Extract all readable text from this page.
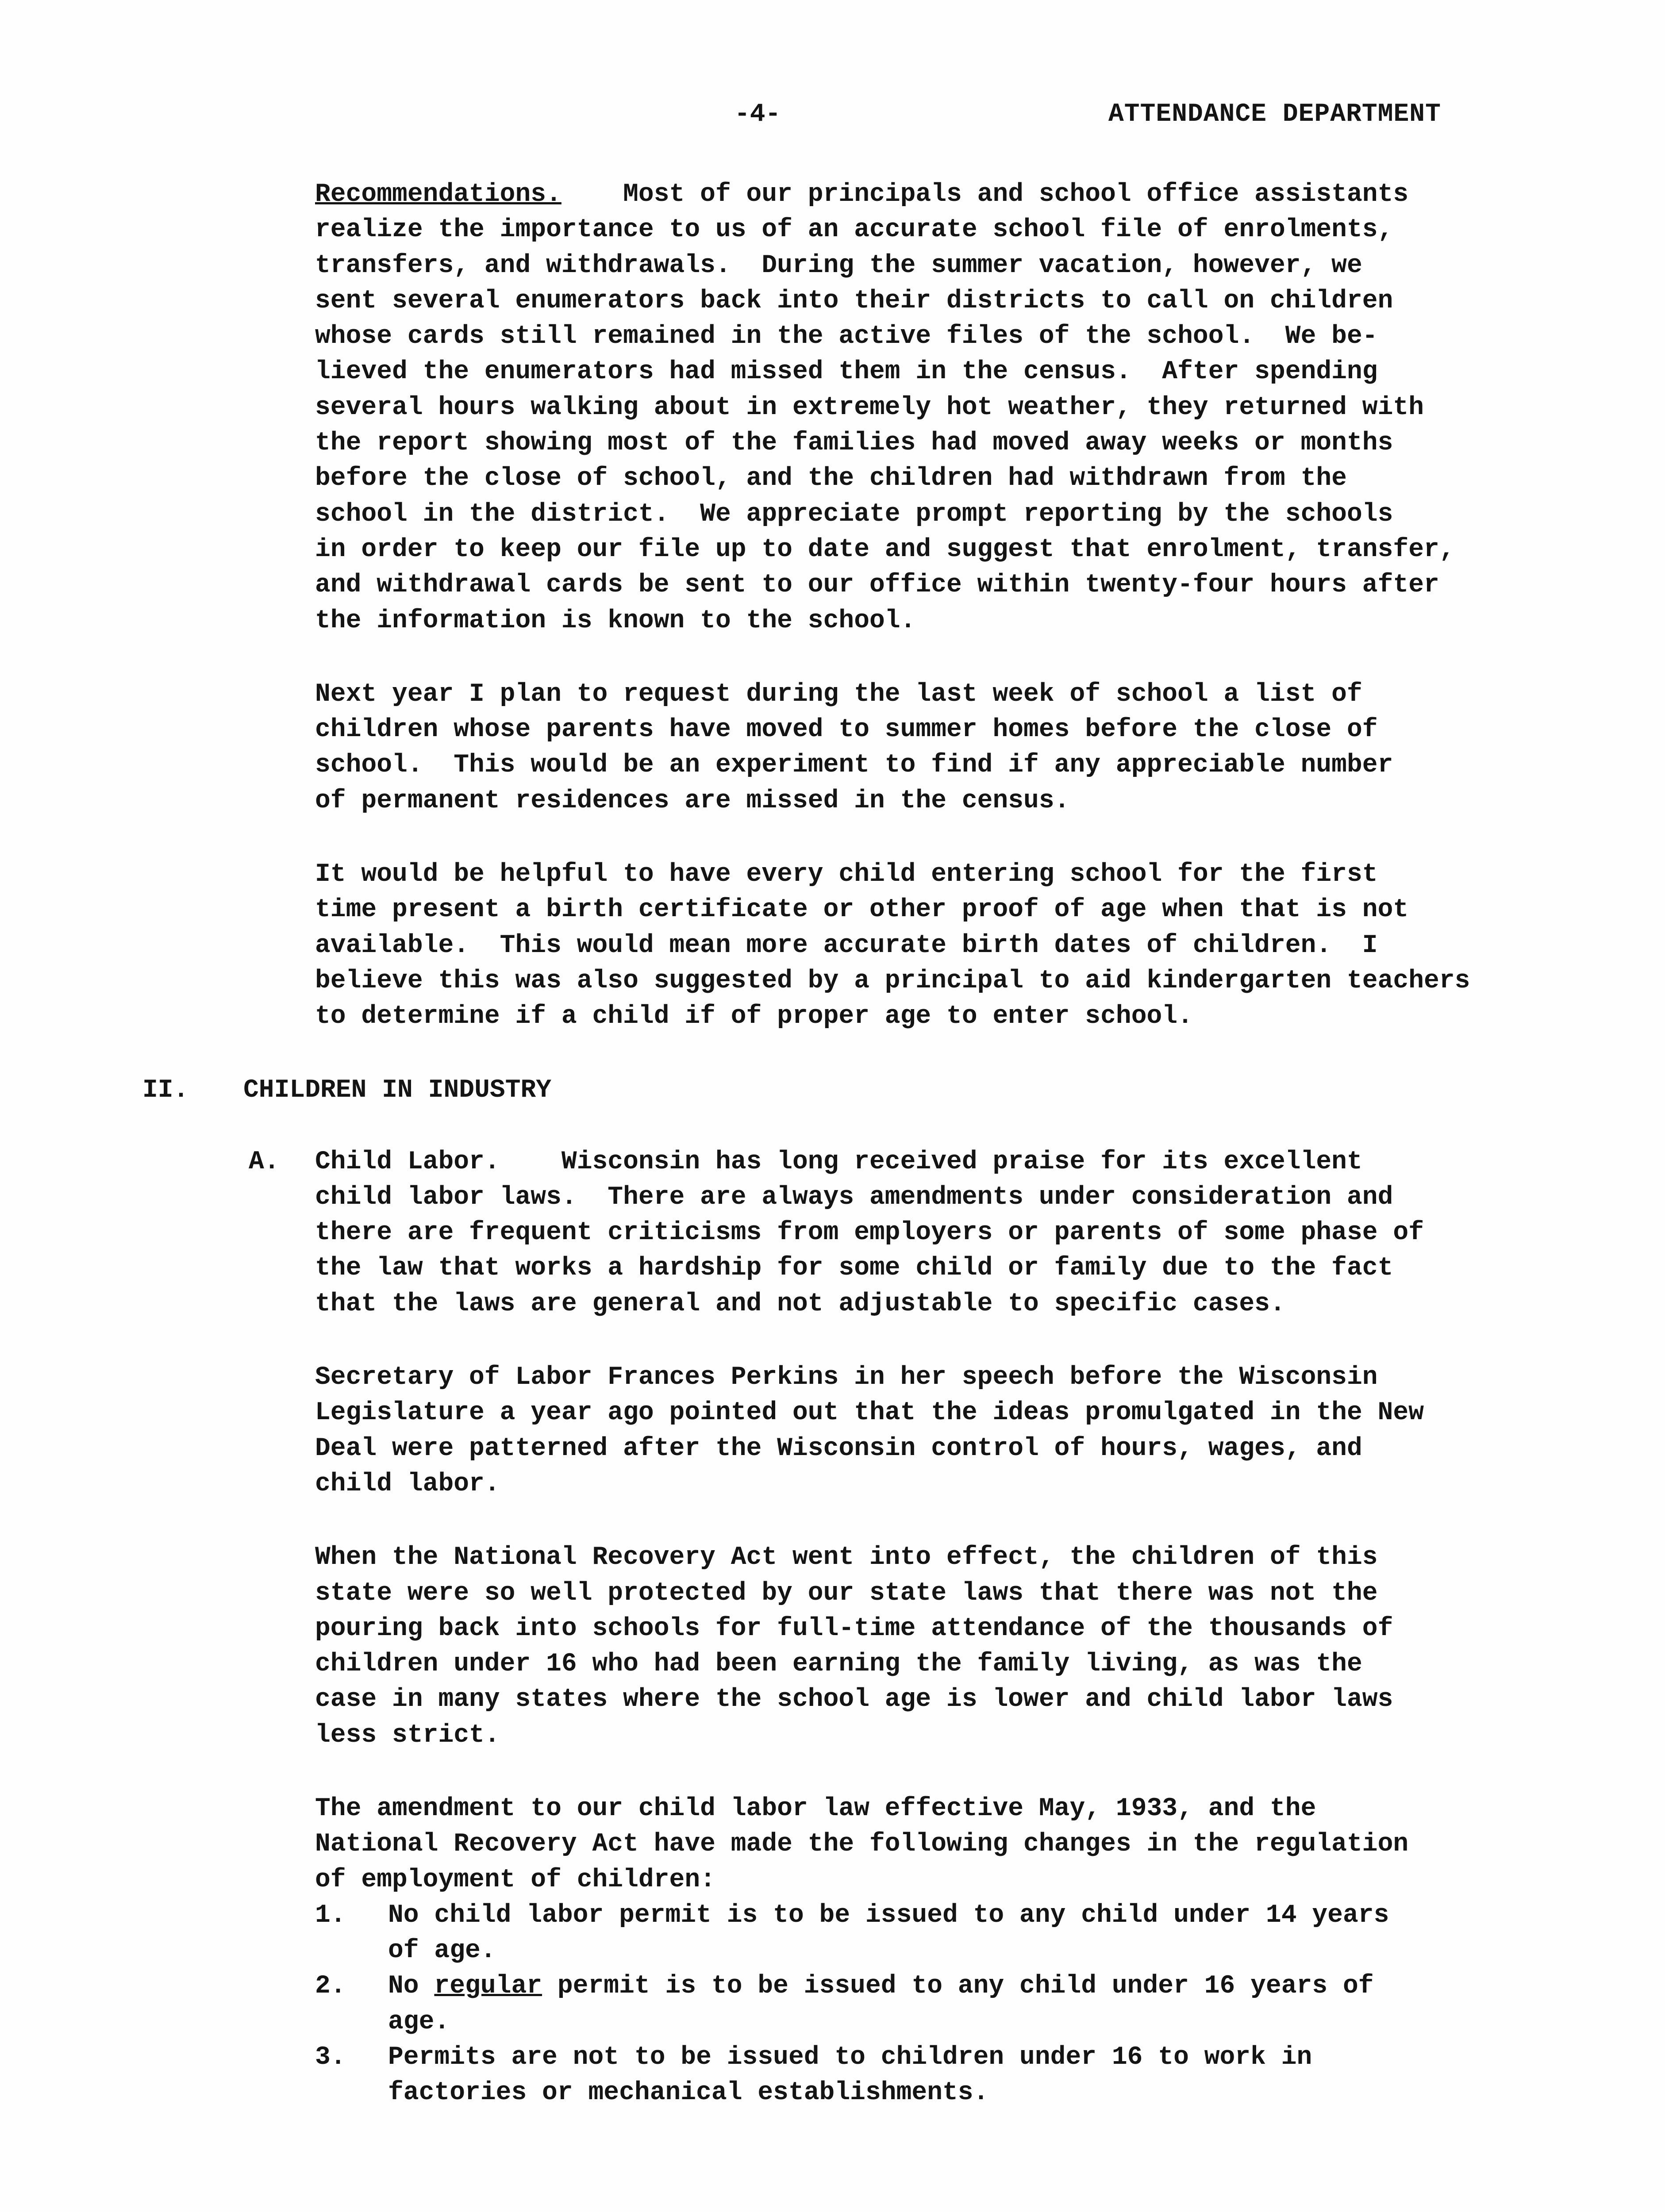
-4-	ATTENDANCE DEPARTMENT

Recommendations.    Most of our principals and school office assistants
realize the importance to us of an accurate school file of enrolments,
transfers, and withdrawals.  During the summer vacation, however, we
sent several enumerators back into their districts to call on children
whose cards still remained in the active files of the school.  We be-
lieved the enumerators had missed them in the census.  After spending
several hours walking about in extremely hot weather, they returned with
the report showing most of the families had moved away weeks or months
before the close of school, and the children had withdrawn from the
school in the district.  We appreciate prompt reporting by the schools
in order to keep our file up to date and suggest that enrolment, transfer,
and withdrawal cards be sent to our office within twenty-four hours after
the information is known to the school.

Next year I plan to request during the last week of school a list of
children whose parents have moved to summer homes before the close of
school.  This would be an experiment to find if any appreciable number
of permanent residences are missed in the census.

It would be helpful to have every child entering school for the first
time present a birth certificate or other proof of age when that is not
available.  This would mean more accurate birth dates of children.  I
believe this was also suggested by a principal to aid kindergarten teachers
to determine if a child if of proper age to enter school.

II. CHILDREN IN INDUSTRY
A. Child Labor.    Wisconsin has long received praise for its excellent
child labor laws.  There are always amendments under consideration and
there are frequent criticisms from employers or parents of some phase of
the law that works a hardship for some child or family due to the fact
that the laws are general and not adjustable to specific cases.

Secretary of Labor Frances Perkins in her speech before the Wisconsin
Legislature a year ago pointed out that the ideas promulgated in the New
Deal were patterned after the Wisconsin control of hours, wages, and
child labor.

When the National Recovery Act went into effect, the children of this
state were so well protected by our state laws that there was not the
pouring back into schools for full-time attendance of the thousands of
children under 16 who had been earning the family living, as was the
case in many states where the school age is lower and child labor laws
less strict.

The amendment to our child labor law effective May, 1933, and the
National Recovery Act have made the following changes in the regulation
of employment of children:

1. No child labor permit is to be issued to any child under 14 years
of age.

2. No regular permit is to be issued to any child under 16 years of
age.

3. Permits are not to be issued to children under 16 to work in
factories or mechanical establishments.
